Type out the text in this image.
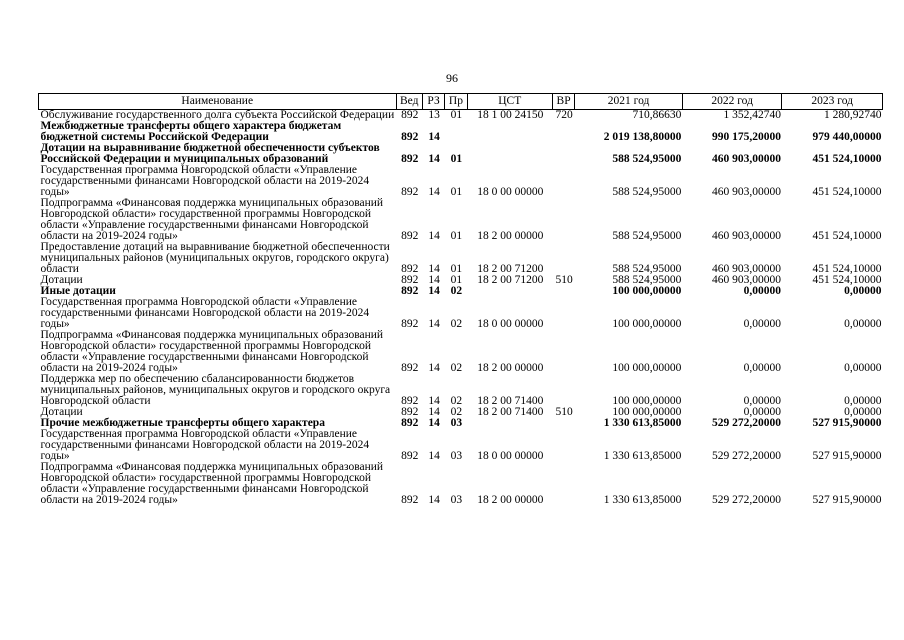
96
Наименование	Вед	РЗ	Пр	ЦСТ	ВР	2021 год	2022 год	2023 год
Обслуживание государственного долга субъекта Российской Федерации	892	13	01	18 1 00 24150	720	710,86630	1 352,42740	1 280,92740
Межбюджетные трансферты общего характера бюджетам бюджетной системы Российской Федерации	892	14				2 019 138,80000	990 175,20000	979 440,00000
Дотации на выравнивание бюджетной обеспеченности субъектов Российской Федерации и муниципальных образований	892	14	01			588 524,95000	460 903,00000	451 524,10000
Государственная программа Новгородской области «Управление государственными финансами Новгородской области на 2019-2024 годы»	892	14	01	18 0 00 00000		588 524,95000	460 903,00000	451 524,10000
Подпрограмма «Финансовая поддержка муниципальных образований Новгородской области» государственной программы Новгородской области «Управление государственными финансами Новгородской области на 2019-2024 годы»	892	14	01	18 2 00 00000		588 524,95000	460 903,00000	451 524,10000
Предоставление дотаций на выравнивание бюджетной обеспеченности муниципальных районов (муниципальных округов, городского округа) области	892	14	01	18 2 00 71200		588 524,95000	460 903,00000	451 524,10000
Дотации	892	14	01	18 2 00 71200	510	588 524,95000	460 903,00000	451 524,10000
Иные дотации	892	14	02			100 000,00000	0,00000	0,00000
Государственная программа Новгородской области «Управление государственными финансами Новгородской области на 2019-2024 годы»	892	14	02	18 0 00 00000		100 000,00000	0,00000	0,00000
Подпрограмма «Финансовая поддержка муниципальных образований Новгородской области» государственной программы Новгородской области «Управление государственными финансами Новгородской области на 2019-2024 годы»	892	14	02	18 2 00 00000		100 000,00000	0,00000	0,00000
Поддержка мер по обеспечению сбалансированности бюджетов муниципальных районов, муниципальных округов и городского округа Новгородской области	892	14	02	18 2 00 71400		100 000,00000	0,00000	0,00000
Дотации	892	14	02	18 2 00 71400	510	100 000,00000	0,00000	0,00000
Прочие межбюджетные трансферты общего характера	892	14	03			1 330 613,85000	529 272,20000	527 915,90000
Государственная программа Новгородской области «Управление государственными финансами Новгородской области на 2019-2024 годы»	892	14	03	18 0 00 00000		1 330 613,85000	529 272,20000	527 915,90000
Подпрограмма «Финансовая поддержка муниципальных образований Новгородской области» государственной программы Новгородской области «Управление государственными финансами Новгородской области на 2019-2024 годы»	892	14	03	18 2 00 00000		1 330 613,85000	529 272,20000	527 915,90000
